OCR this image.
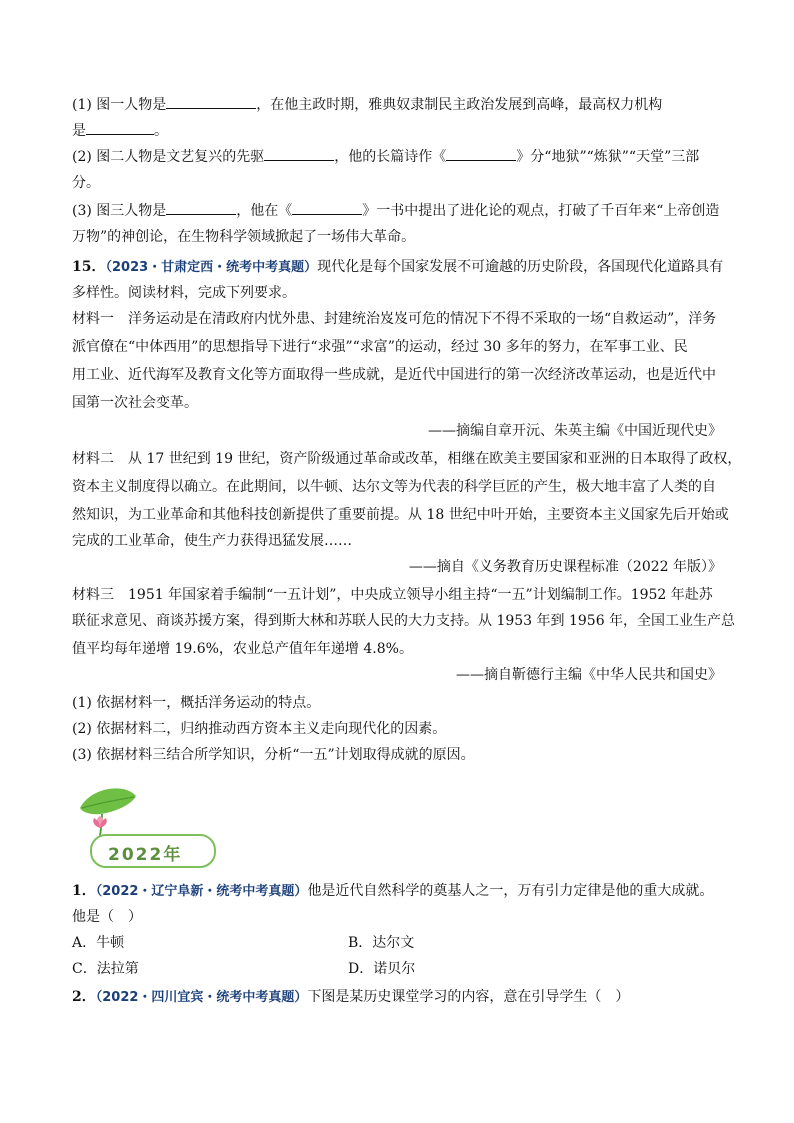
(1) 图一人物是	，在他主政时期，雅典奴隶制民主政治发展到高峰，最高权力机构
是	。
(2) 图二人物是文艺复兴的先驱	，他的长篇诗作《	》分“地狱”“炼狱”“天堂”三部
分。
(3) 图三人物是	，他在《	》一书中提出了进化论的观点，打破了千百年来“上帝创造
万物”的神创论，在生物科学领域掀起了一场伟大革命。
15．（2023・甘肃定西・统考中考真题）现代化是每个国家发展不可逾越的历史阶段，各国现代化道路具有
多样性。阅读材料，完成下列要求。
材料一　洋务运动是在清政府内忧外患、封建统治岌岌可危的情况下不得不采取的一场“自救运动”，洋务
派官僚在“中体西用”的思想指导下进行“求强”“求富”的运动，经过 30 多年的努力，在军事工业、民
用工业、近代海军及教育文化等方面取得一些成就，是近代中国进行的第一次经济改革运动，也是近代中
国第一次社会变革。
——摘编自章开沅、朱英主编《中国近现代史》
材料二　从 17 世纪到 19 世纪，资产阶级通过革命或改革，相继在欧美主要国家和亚洲的日本取得了政权，
资本主义制度得以确立。在此期间，以牛顿、达尔文等为代表的科学巨匠的产生，极大地丰富了人类的自
然知识，为工业革命和其他科技创新提供了重要前提。从 18 世纪中叶开始，主要资本主义国家先后开始或
完成的工业革命，使生产力获得迅猛发展……
——摘自《义务教育历史课程标准（2022 年版）》
材料三　1951 年国家着手编制“一五计划”，中央成立领导小组主持“一五”计划编制工作。1952 年赴苏
联征求意见、商谈苏援方案，得到斯大林和苏联人民的大力支持。从 1953 年到 1956 年，全国工业生产总
值平均每年递增 19.6%，农业总产值年年递增 4.8%。
——摘自靳德行主编《中华人民共和国史》
(1) 依据材料一，概括洋务运动的特点。
(2) 依据材料二，归纳推动西方资本主义走向现代化的因素。
(3) 依据材料三结合所学知识，分析“一五”计划取得成就的原因。
2022年
1．（2022・辽宁阜新・统考中考真题）他是近代自然科学的奠基人之一，万有引力定律是他的重大成就。
他是（　）
A．牛顿	B．达尔文
C．法拉第	D．诺贝尔
2．（2022・四川宜宾・统考中考真题）下图是某历史课堂学习的内容，意在引导学生（　）
